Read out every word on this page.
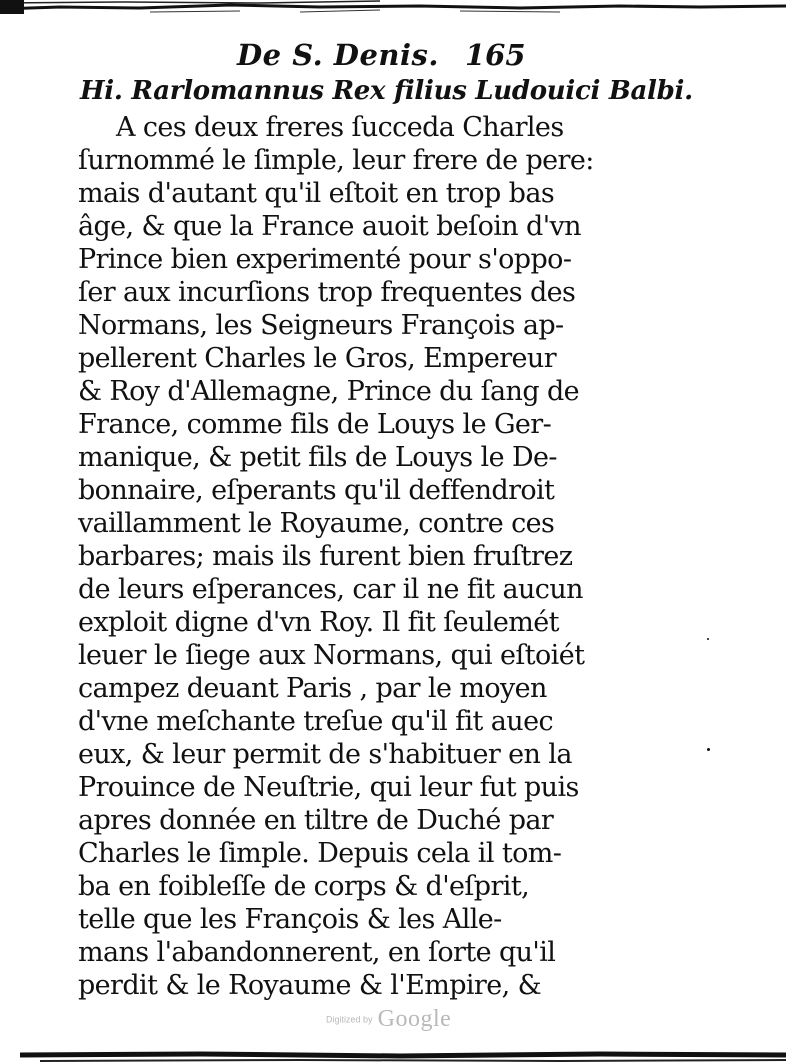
De S. Denis. 165
Hi. Rarlomannus Rex filius Ludouici Balbi.
A ces deux freres ſucceda Charles
ſurnommé le ſimple, leur frere de pere:
mais d'autant qu'il eſtoit en trop bas
âge, & que la France auoit beſoin d'vn
Prince bien experimenté pour s'oppo-
ſer aux incurſions trop frequentes des
Normans, les Seigneurs François ap-
pellerent Charles le Gros, Empereur
& Roy d'Allemagne, Prince du ſang de
France, comme fils de Louys le Ger-
manique, & petit fils de Louys le De-
bonnaire, eſperants qu'il deffendroit
vaillamment le Royaume, contre ces
barbares; mais ils furent bien fruſtrez
de leurs eſperances, car il ne fit aucun
exploit digne d'vn Roy. Il fit ſeulemét
leuer le ſiege aux Normans, qui eſtoiét
campez deuant Paris , par le moyen
d'vne meſchante treſue qu'il fit auec
eux, & leur permit de s'habituer en la
Prouince de Neuſtrie, qui leur fut puis
apres donnée en tiltre de Duché par
Charles le ſimple. Depuis cela il tom-
ba en foibleſſe de corps & d'eſprit,
telle que les François & les Alle-
mans l'abandonnerent, en ſorte qu'il
perdit & le Royaume & l'Empire, &
Digitized by Google
